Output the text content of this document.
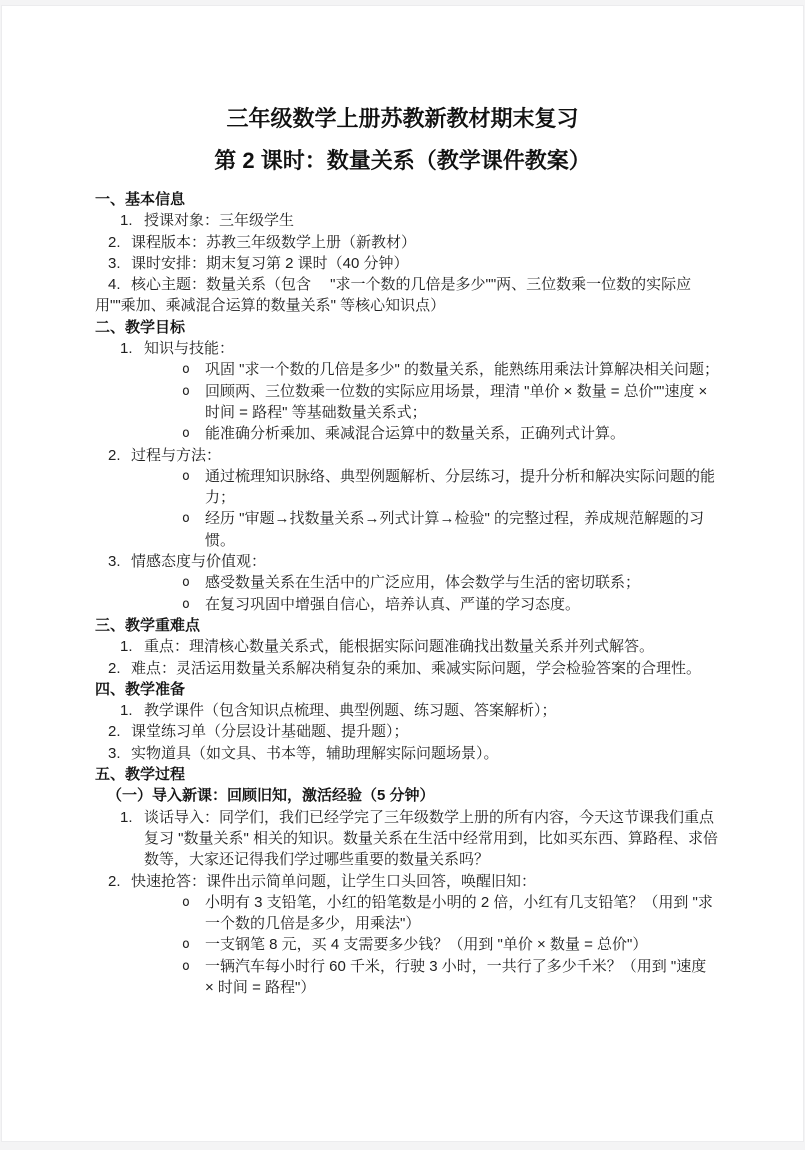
三年级数学上册苏教新教材期末复习
第 2 课时：数量关系（教学课件教案）
一、基本信息
1. 授课对象：三年级学生
2. 课程版本：苏教三年级数学上册（新教材）
3. 课时安排：期末复习第 2 课时（40 分钟）
4. 核心主题：数量关系（包含　 "求一个数的几倍是多少""两、三位数乘一位数的实际应用""乘加、乘减混合运算的数量关系" 等核心知识点）
二、教学目标
1. 知识与技能：
o	巩固 "求一个数的几倍是多少" 的数量关系，能熟练用乘法计算解决相关问题；
o	回顾两、三位数乘一位数的实际应用场景，理清 "单价 × 数量 = 总价""速度 × 时间 = 路程" 等基础数量关系式；
o	能准确分析乘加、乘减混合运算中的数量关系，正确列式计算。
2. 过程与方法：
o	通过梳理知识脉络、典型例题解析、分层练习，提升分析和解决实际问题的能力；
o	经历 "审题→找数量关系→列式计算→检验" 的完整过程，养成规范解题的习惯。
3. 情感态度与价值观：
o	感受数量关系在生活中的广泛应用，体会数学与生活的密切联系；
o	在复习巩固中增强自信心，培养认真、严谨的学习态度。
三、教学重难点
1. 重点：理清核心数量关系式，能根据实际问题准确找出数量关系并列式解答。
2. 难点：灵活运用数量关系解决稍复杂的乘加、乘减实际问题，学会检验答案的合理性。
四、教学准备
1. 教学课件（包含知识点梳理、典型例题、练习题、答案解析）；
2. 课堂练习单（分层设计基础题、提升题）；
3. 实物道具（如文具、书本等，辅助理解实际问题场景）。
五、教学过程
（一）导入新课：回顾旧知，激活经验（5 分钟）
1. 谈话导入：同学们，我们已经学完了三年级数学上册的所有内容，今天这节课我们重点复习 "数量关系" 相关的知识。数量关系在生活中经常用到，比如买东西、算路程、求倍数等，大家还记得我们学过哪些重要的数量关系吗？
2. 快速抢答：课件出示简单问题，让学生口头回答，唤醒旧知：
o	小明有 3 支铅笔，小红的铅笔数是小明的 2 倍，小红有几支铅笔？（用到 "求一个数的几倍是多少，用乘法"）
o	一支钢笔 8 元，买 4 支需要多少钱？（用到 "单价 × 数量 = 总价"）
o	一辆汽车每小时行 60 千米，行驶 3 小时，一共行了多少千米？（用到 "速度 × 时间 = 路程"）
